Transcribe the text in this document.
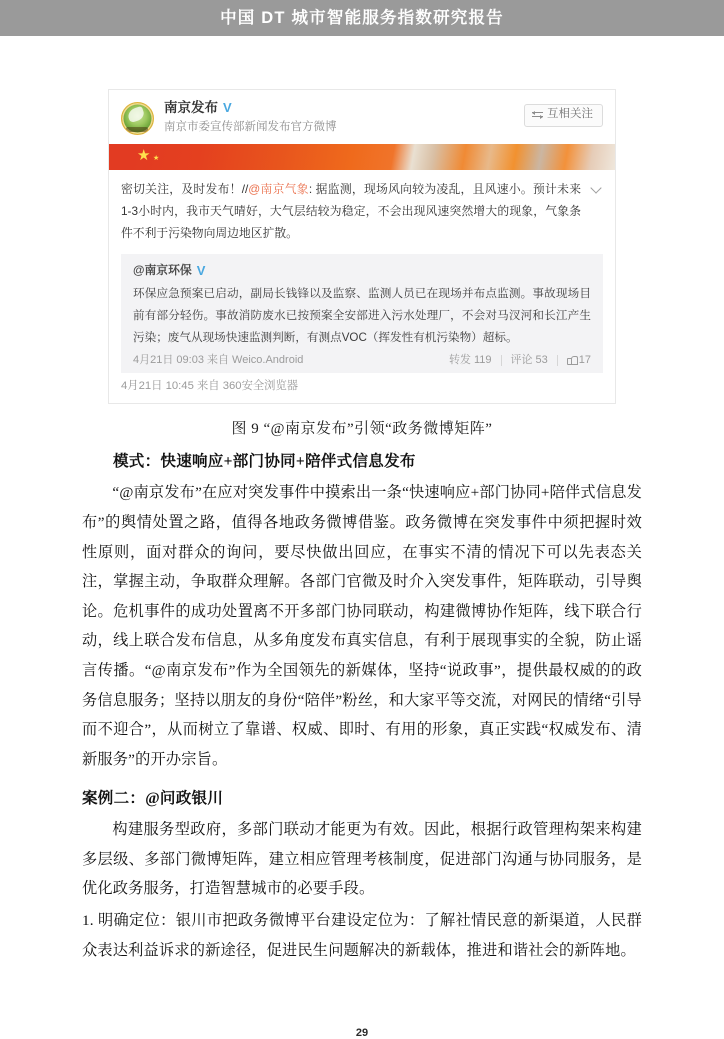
中国 DT 城市智能服务指数研究报告
南京发布 V
南京市委宣传部新闻发布官方微博
互相关注
★ ★
密切关注，及时发布！//@南京气象: 据监测，现场风向较为凌乱，且风速小。预计未来1-3小时内，我市天气晴好，大气层结较为稳定，不会出现风速突然增大的现象，气象条件不利于污染物向周边地区扩散。
@南京环保 V
环保应急预案已启动，副局长钱锋以及监察、监测人员已在现场并布点监测。事故现场目前有部分轻伤。事故消防废水已按预案全安部进入污水处理厂，不会对马汊河和长江产生污染；废气从现场快速监测判断，有测点VOC（挥发性有机污染物）超标。
4月21日 09:03 来自 Weico.Android	转发 119 评论 53	17
4月21日 10:45 来自 360安全浏览器
图 9 “@南京发布”引领“政务微博矩阵”
模式：快速响应+部门协同+陪伴式信息发布
“@南京发布”在应对突发事件中摸索出一条“快速响应+部门协同+陪伴式信息发布”的舆情处置之路，值得各地政务微博借鉴。政务微博在突发事件中须把握时效性原则，面对群众的询问，要尽快做出回应，在事实不清的情况下可以先表态关注，掌握主动，争取群众理解。各部门官微及时介入突发事件，矩阵联动，引导舆论。危机事件的成功处置离不开多部门协同联动，构建微博协作矩阵，线下联合行动，线上联合发布信息，从多角度发布真实信息，有利于展现事实的全貌，防止谣言传播。“@南京发布”作为全国领先的新媒体，坚持“说政事”，提供最权威的的政务信息服务；坚持以朋友的身份“陪伴”粉丝，和大家平等交流，对网民的情绪“引导而不迎合”，从而树立了靠谱、权威、即时、有用的形象，真正实践“权威发布、清新服务”的开办宗旨。
案例二：@问政银川
构建服务型政府，多部门联动才能更为有效。因此，根据行政管理构架来构建多层级、多部门微博矩阵，建立相应管理考核制度，促进部门沟通与协同服务，是优化政务服务，打造智慧城市的必要手段。
1. 明确定位：银川市把政务微博平台建设定位为：了解社情民意的新渠道，人民群众表达利益诉求的新途径，促进民生问题解决的新载体，推进和谐社会的新阵地。
29
